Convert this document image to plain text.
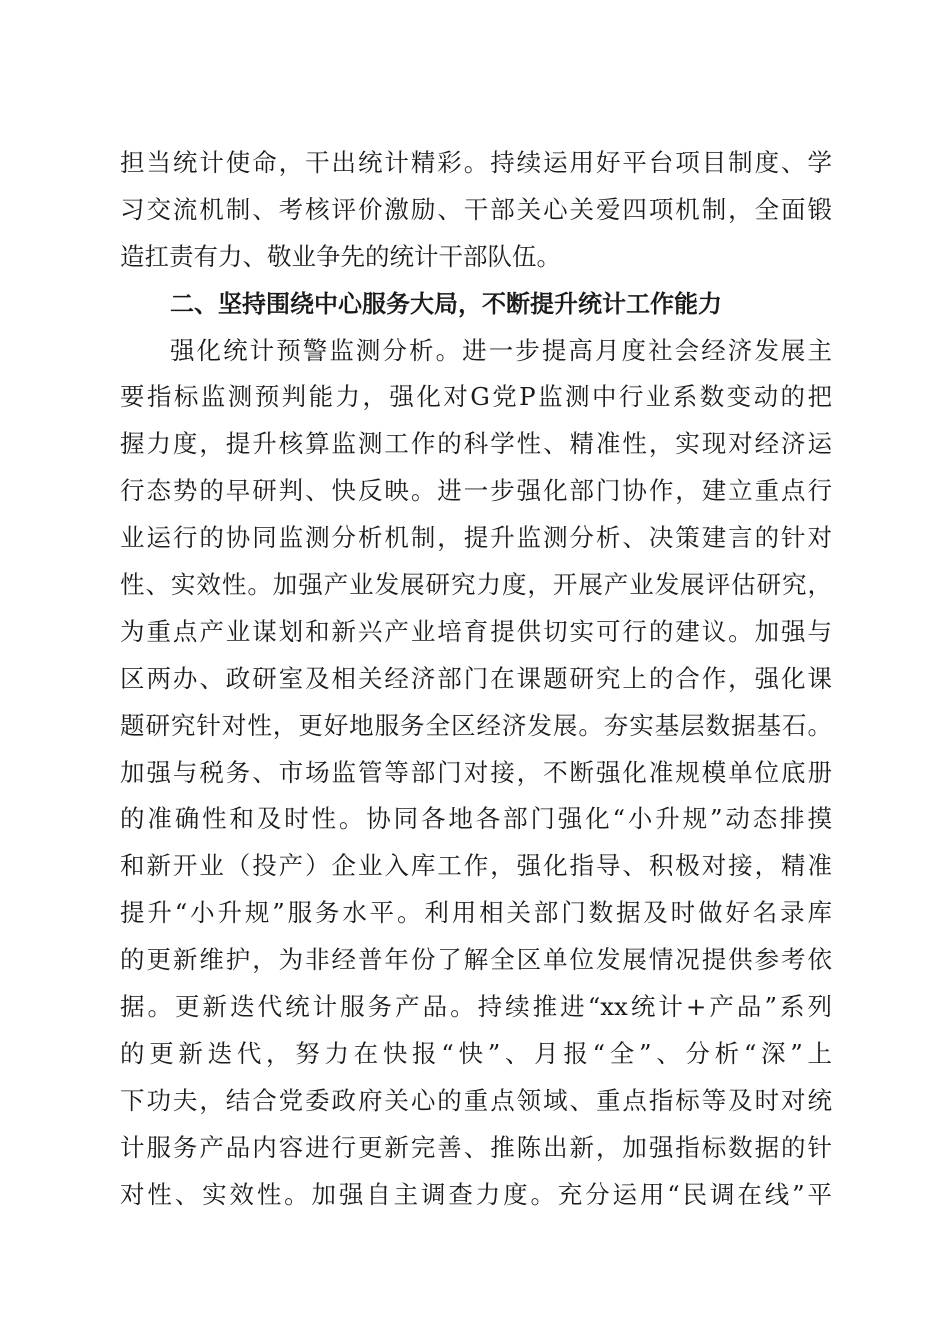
担当统计使命，干出统计精彩。持续运用好平台项目制度、学
习交流机制、考核评价激励、干部关心关爱四项机制，全面锻
造扛责有力、敬业争先的统计干部队伍。
二、坚持围绕中心服务大局，不断提升统计工作能力
强化统计预警监测分析。进一步提高月度社会经济发展主
要指标监测预判能力，强化对G党P监测中行业系数变动的把
握力度，提升核算监测工作的科学性、精准性，实现对经济运
行态势的早研判、快反映。进一步强化部门协作，建立重点行
业运行的协同监测分析机制，提升监测分析、决策建言的针对
性、实效性。加强产业发展研究力度，开展产业发展评估研究，
为重点产业谋划和新兴产业培育提供切实可行的建议。加强与
区两办、政研室及相关经济部门在课题研究上的合作，强化课
题研究针对性，更好地服务全区经济发展。夯实基层数据基石。
加强与税务、市场监管等部门对接，不断强化准规模单位底册
的准确性和及时性。协同各地各部门强化“小升规”动态排摸
和新开业（投产）企业入库工作，强化指导、积极对接，精准
提升“小升规”服务水平。利用相关部门数据及时做好名录库
的更新维护，为非经普年份了解全区单位发展情况提供参考依
据。更新迭代统计服务产品。持续推进“xx统计+产品”系列
的更新迭代，努力在快报“快”、月报“全”、分析“深”上
下功夫，结合党委政府关心的重点领域、重点指标等及时对统
计服务产品内容进行更新完善、推陈出新，加强指标数据的针
对性、实效性。加强自主调查力度。充分运用“民调在线”平
